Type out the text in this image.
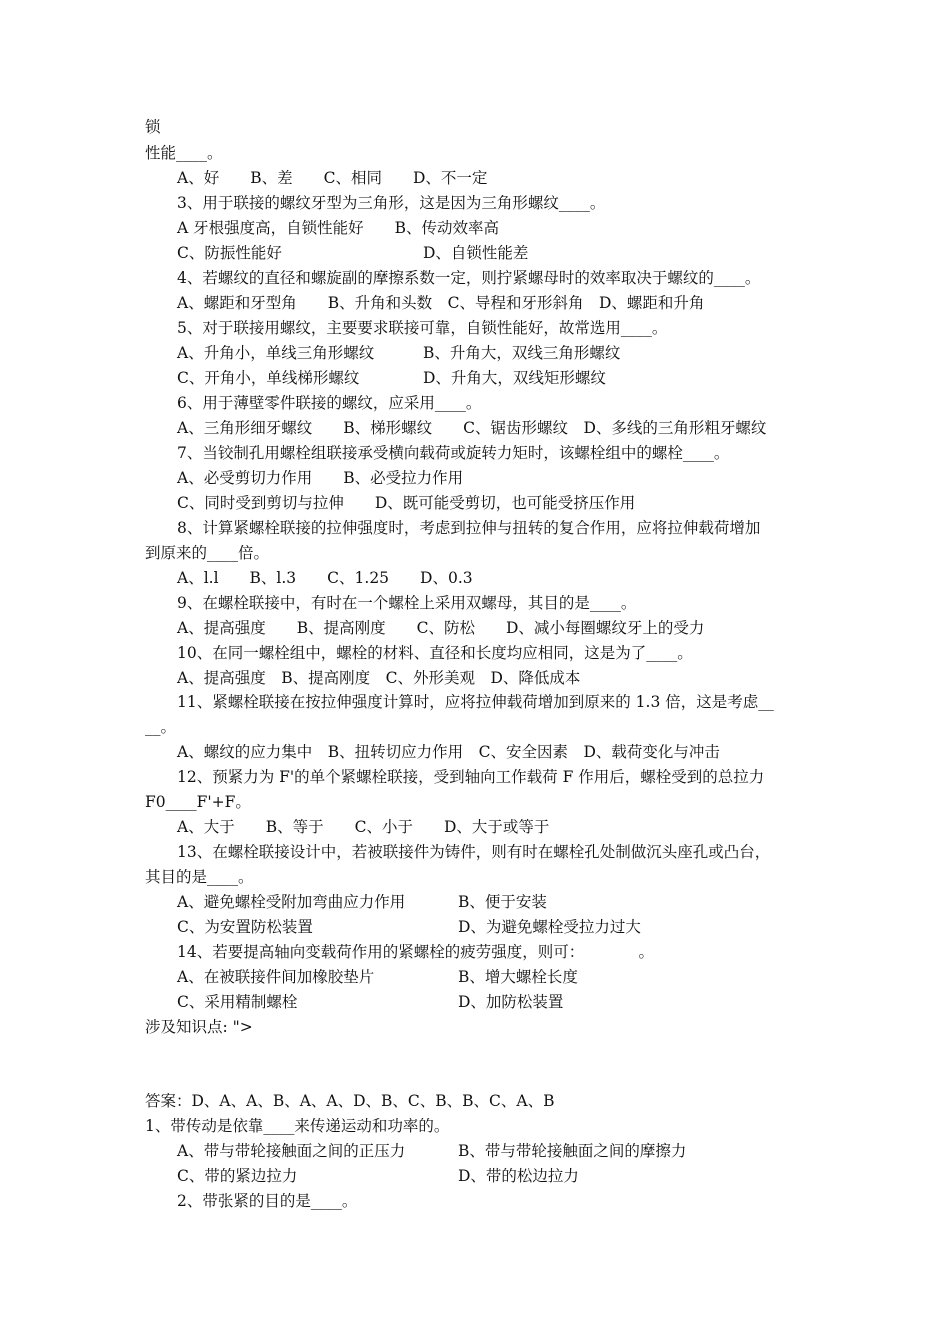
锁
性能____。
A、好　　B、差　　C、相同　　D、不一定
3、用于联接的螺纹牙型为三角形，这是因为三角形螺纹____。
A 牙根强度高，自锁性能好　　B、传动效率高
C、防振性能好	D、自锁性能差
4、若螺纹的直径和螺旋副的摩擦系数一定，则拧紧螺母时的效率取决于螺纹的____。
A、螺距和牙型角　　B、升角和头数　C、导程和牙形斜角　D、螺距和升角
5、对于联接用螺纹，主要要求联接可靠，自锁性能好，故常选用____。
A、升角小，单线三角形螺纹	B、升角大，双线三角形螺纹
C、开角小，单线梯形螺纹	D、升角大，双线矩形螺纹
6、用于薄壁零件联接的螺纹，应采用____。
A、三角形细牙螺纹　　B、梯形螺纹　　C、锯齿形螺纹　D、多线的三角形粗牙螺纹
7、当铰制孔用螺栓组联接承受横向载荷或旋转力矩时，该螺栓组中的螺栓____。
A、必受剪切力作用　　B、必受拉力作用
C、同时受到剪切与拉伸　　D、既可能受剪切，也可能受挤压作用
8、计算紧螺栓联接的拉伸强度时，考虑到拉伸与扭转的复合作用，应将拉伸载荷增加
到原来的____倍。
A、l.l　　B、l.3　　C、1.25　　D、0.3
9、在螺栓联接中，有时在一个螺栓上采用双螺母，其目的是____。
A、提高强度　　B、提高刚度　　C、防松　　D、减小每圈螺纹牙上的受力
10、在同一螺栓组中，螺栓的材料、直径和长度均应相同，这是为了____。
A、提高强度　B、提高刚度　C、外形美观　D、降低成本
11、紧螺栓联接在按拉伸强度计算时，应将拉伸载荷增加到原来的 1.3 倍，这是考虑__
__。
A、螺纹的应力集中　B、扭转切应力作用　C、安全因素　D、载荷变化与冲击
12、预紧力为 F'的单个紧螺栓联接，受到轴向工作载荷 F 作用后，螺栓受到的总拉力
F0____F'+F。
A、大于　　B、等于　　C、小于　　D、大于或等于
13、在螺栓联接设计中，若被联接件为铸件，则有时在螺栓孔处制做沉头座孔或凸台，
其目的是____。
A、避免螺栓受附加弯曲应力作用	B、便于安装
C、为安置防松装置	D、为避免螺栓受拉力过大
14、若要提高轴向变载荷作用的紧螺栓的疲劳强度，则可：　　　　。
A、在被联接件间加橡胶垫片	B、增大螺栓长度
C、采用精制螺栓	D、加防松装置
涉及知识点: ">
答案：D、A、A、B、A、A、D、B、C、B、B、C、A、B
1、带传动是依靠____来传递运动和功率的。
A、带与带轮接触面之间的正压力	B、带与带轮接触面之间的摩擦力
C、带的紧边拉力	D、带的松边拉力
2、带张紧的目的是____。
